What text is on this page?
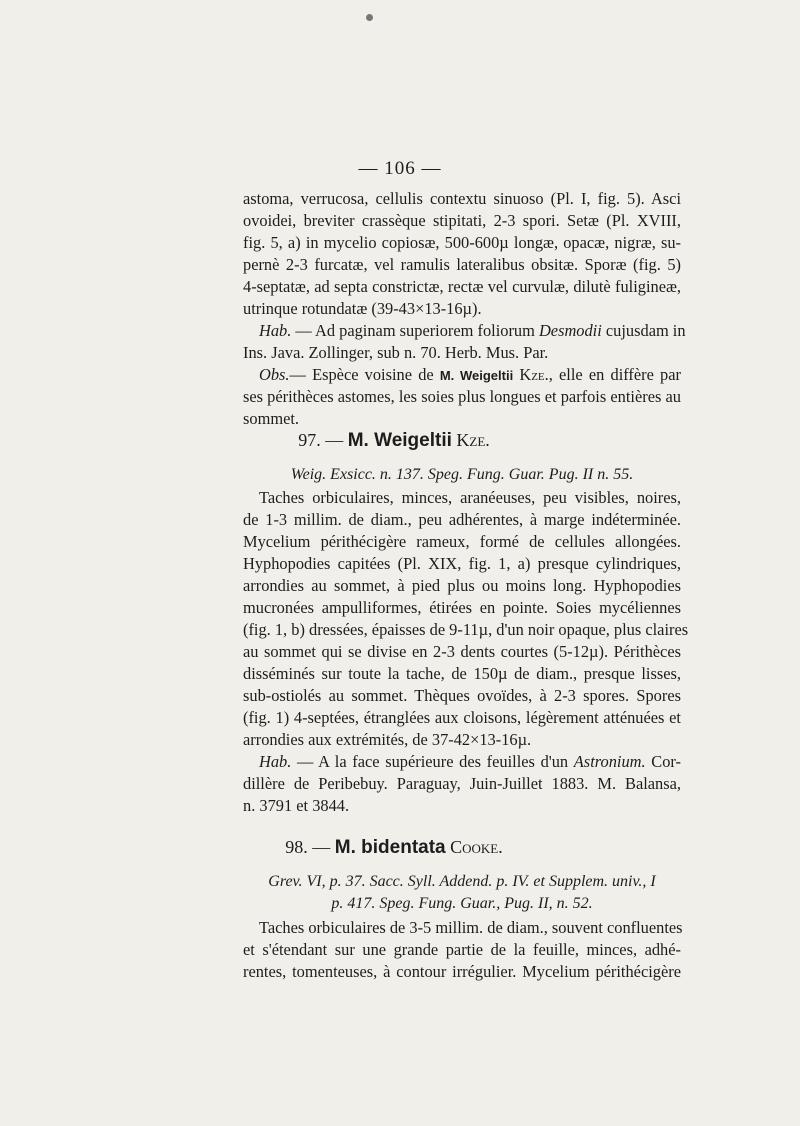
— 106 —
astoma, verrucosa, cellulis contextu sinuoso (Pl. I, fig. 5). Asci
ovoidei, breviter crassèque stipitati, 2-3 spori. Setæ (Pl. XVIII,
fig. 5, a) in mycelio copiosæ, 500-600µ longæ, opacæ, nigræ, su-
pernè 2-3 furcatæ, vel ramulis lateralibus obsitæ. Sporæ (fig. 5)
4-septatæ, ad septa constrictæ, rectæ vel curvulæ, dilutè fuligineæ,
utrinque rotundatæ (39-43×13-16µ).
Hab. — Ad paginam superiorem foliorum Desmodii cujusdam in
Ins. Java. Zollinger, sub n. 70. Herb. Mus. Par.
Obs.— Espèce voisine de M. Weigeltii Kze., elle en diffère par
ses périthèces astomes, les soies plus longues et parfois entières au
sommet.
97. — M. Weigeltii Kze.
Weig. Exsicc. n. 137. Speg. Fung. Guar. Pug. II n. 55.
Taches orbiculaires, minces, aranéeuses, peu visibles, noires,
de 1-3 millim. de diam., peu adhérentes, à marge indéterminée.
Mycelium périthécigère rameux, formé de cellules allongées.
Hyphopodies capitées (Pl. XIX, fig. 1, a) presque cylindriques,
arrondies au sommet, à pied plus ou moins long. Hyphopodies
mucronées ampulliformes, étirées en pointe. Soies mycéliennes
(fig. 1, b) dressées, épaisses de 9-11µ, d'un noir opaque, plus claires
au sommet qui se divise en 2-3 dents courtes (5-12µ). Périthèces
disséminés sur toute la tache, de 150µ de diam., presque lisses,
sub-ostiolés au sommet. Thèques ovoïdes, à 2-3 spores. Spores
(fig. 1) 4-septées, étranglées aux cloisons, légèrement atténuées et
arrondies aux extrémités, de 37-42×13-16µ.
Hab. — A la face supérieure des feuilles d'un Astronium. Cor-
dillère de Peribebuy. Paraguay, Juin-Juillet 1883. M. Balansa,
n. 3791 et 3844.
98. — M. bidentata Cooke.
Grev. VI, p. 37. Sacc. Syll. Addend. p. IV. et Supplem. univ., I
p. 417. Speg. Fung. Guar., Pug. II, n. 52.
Taches orbiculaires de 3-5 millim. de diam., souvent confluentes
et s'étendant sur une grande partie de la feuille, minces, adhé-
rentes, tomenteuses, à contour irrégulier. Mycelium périthécigère
